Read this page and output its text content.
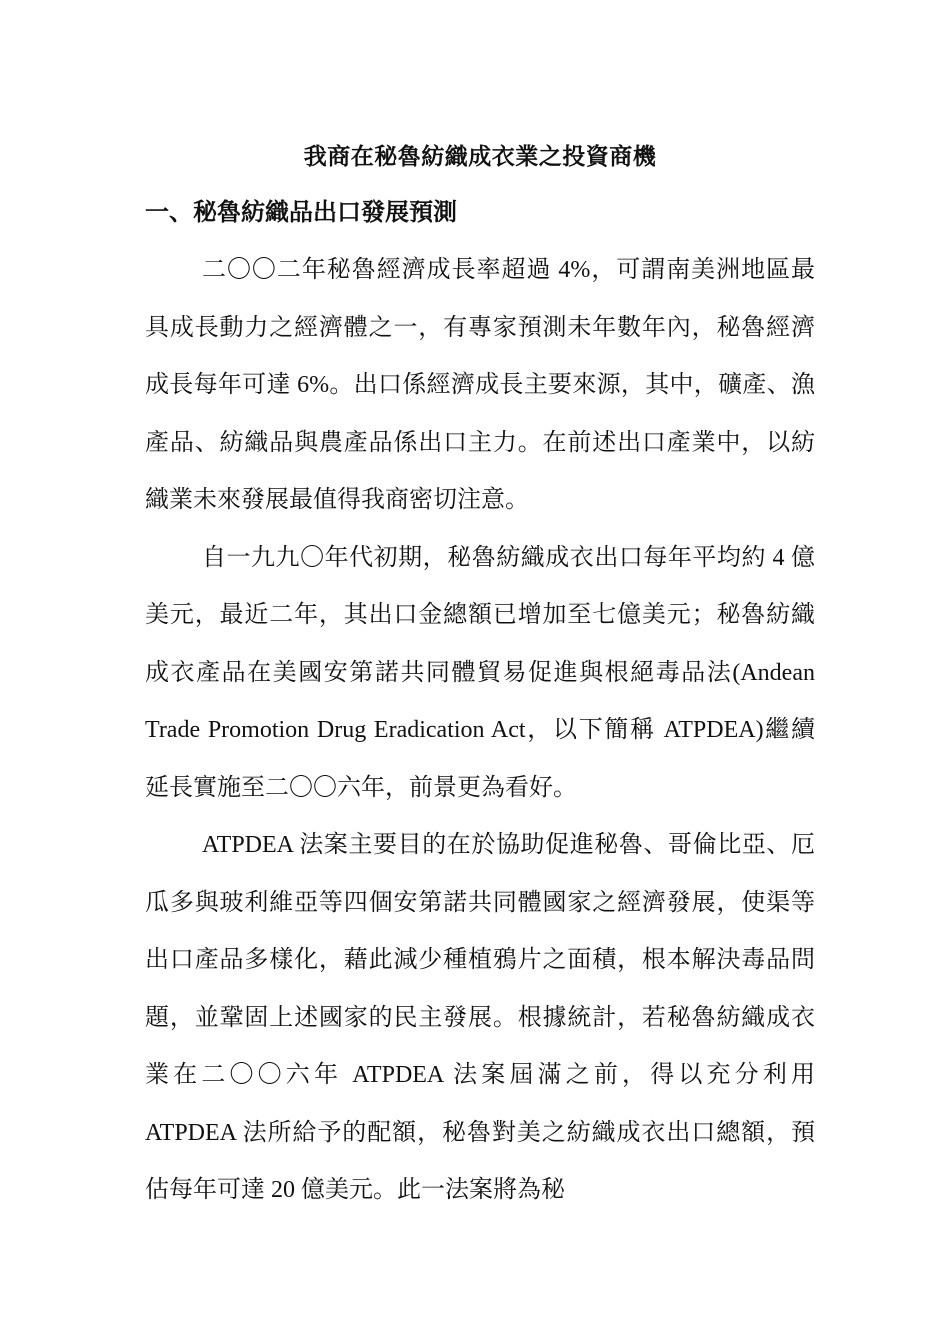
我商在秘魯紡織成衣業之投資商機
一、秘魯紡織品出口發展預測

二〇〇二年秘魯經濟成長率超過 4%，可謂南美洲地區最具成長動力之經濟體之一，有專家預測未年數年內，秘魯經濟成長每年可達 6%。出口係經濟成長主要來源，其中，礦產、漁產品、紡織品與農產品係出口主力。在前述出口產業中，以紡織業未來發展最值得我商密切注意。

自一九九〇年代初期，秘魯紡織成衣出口每年平均約 4 億美元，最近二年，其出口金總額已增加至七億美元；秘魯紡織成衣產品在美國安第諾共同體貿易促進與根絕毒品法(Andean Trade Promotion Drug Eradication Act，以下簡稱 ATPDEA)繼續延長實施至二〇〇六年，前景更為看好。

ATPDEA 法案主要目的在於協助促進秘魯、哥倫比亞、厄瓜多與玻利維亞等四個安第諾共同體國家之經濟發展，使渠等出口產品多樣化，藉此減少種植鴉片之面積，根本解決毒品問題，並鞏固上述國家的民主發展。根據統計，若秘魯紡織成衣業在二〇〇六年 ATPDEA 法案屆滿之前，得以充分利用 ATPDEA 法所給予的配額，秘魯對美之紡織成衣出口總額，預估每年可達 20 億美元。此一法案將為秘
